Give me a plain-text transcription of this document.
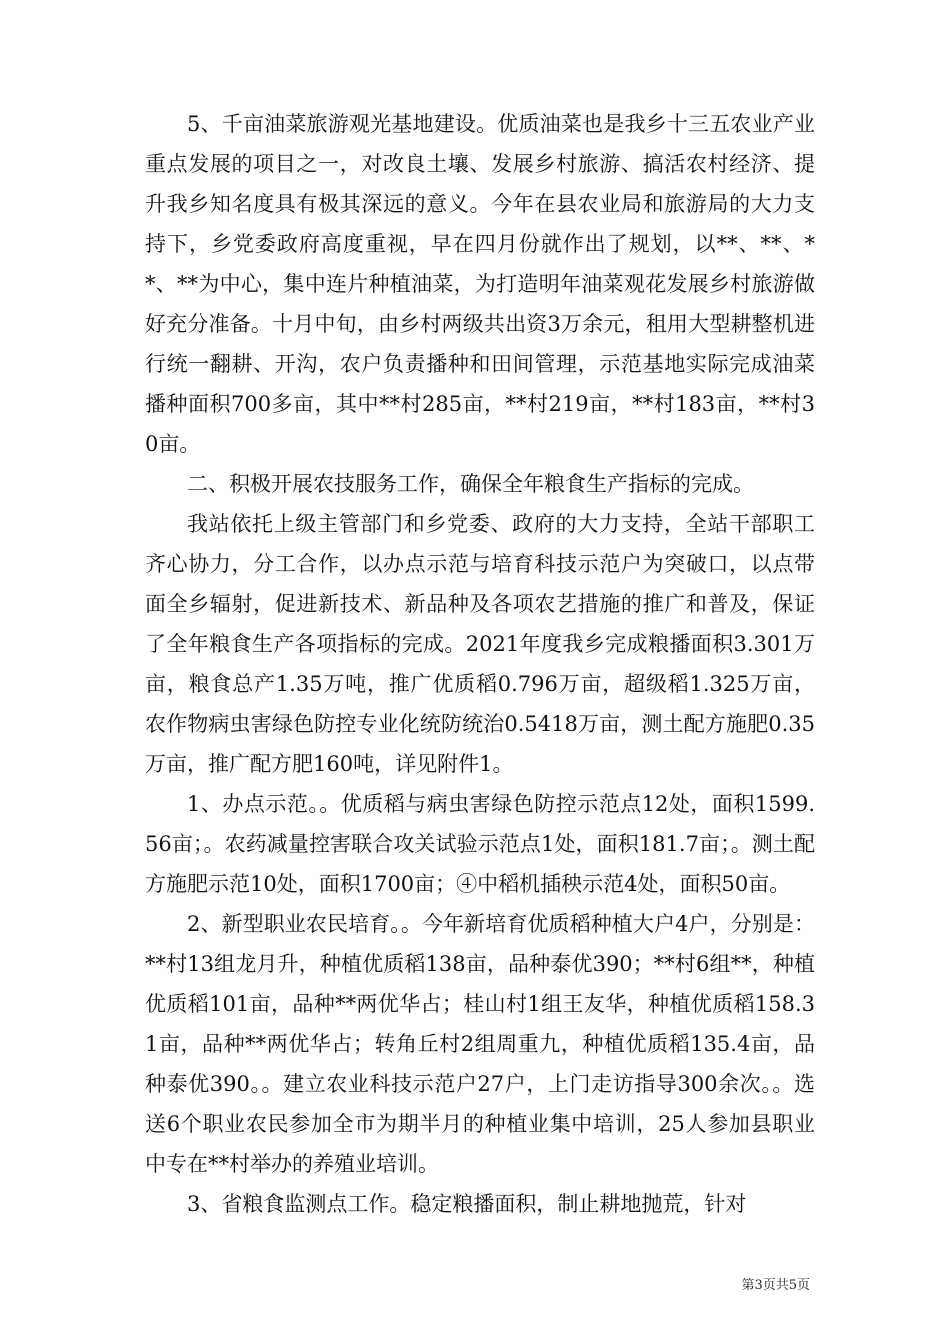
5、千亩油菜旅游观光基地建设。优质油菜也是我乡十三五农业产业重点发展的项目之一，对改良土壤、发展乡村旅游、搞活农村经济、提升我乡知名度具有极其深远的意义。今年在县农业局和旅游局的大力支持下，乡党委政府高度重视，早在四月份就作出了规划，以**、**、**、**为中心，集中连片种植油菜，为打造明年油菜观花发展乡村旅游做好充分准备。十月中旬，由乡村两级共出资3万余元，租用大型耕整机进行统一翻耕、开沟，农户负责播种和田间管理，示范基地实际完成油菜播种面积700多亩，其中**村285亩，**村219亩，**村183亩，**村30亩。

二、积极开展农技服务工作，确保全年粮食生产指标的完成。

我站依托上级主管部门和乡党委、政府的大力支持，全站干部职工齐心协力，分工合作，以办点示范与培育科技示范户为突破口，以点带面全乡辐射，促进新技术、新品种及各项农艺措施的推广和普及，保证了全年粮食生产各项指标的完成。2021年度我乡完成粮播面积3.301万亩，粮食总产1.35万吨，推广优质稻0.796万亩，超级稻1.325万亩，农作物病虫害绿色防控专业化统防统治0.5418万亩，测土配方施肥0.35万亩，推广配方肥160吨，详见附件1。

1、办点示范。。优质稻与病虫害绿色防控示范点12处，面积1599.56亩；。农药减量控害联合攻关试验示范点1处，面积181.7亩；。测土配方施肥示范10处，面积1700亩；④中稻机插秧示范4处，面积50亩。

2、新型职业农民培育。。今年新培育优质稻种植大户4户，分别是：**村13组龙月升，种植优质稻138亩，品种泰优390；**村6组**，种植优质稻101亩，品种**两优华占；桂山村1组王友华，种植优质稻158.31亩，品种**两优华占；转角丘村2组周重九，种植优质稻135.4亩，品种泰优390。。建立农业科技示范户27户，上门走访指导300余次。。选送6个职业农民参加全市为期半月的种植业集中培训，25人参加县职业中专在**村举办的养殖业培训。

3、省粮食监测点工作。稳定粮播面积，制止耕地抛荒，针对

第3页共5页
